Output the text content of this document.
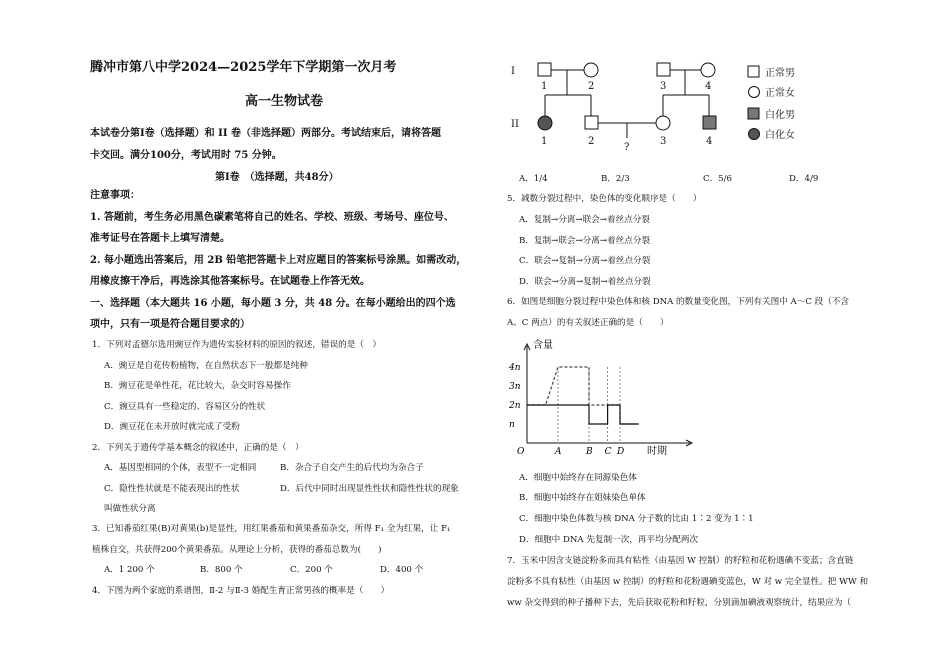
腾冲市第八中学2024—2025学年下学期第一次月考
高一生物试卷
本试卷分第Ⅰ卷（选择题）和 II 卷（非选择题）两部分。考试结束后，请将答题
卡交回。满分100分，考试用时 75 分钟。
第Ⅰ卷　（选择题，共48分）
注意事项：
1. 答题前，考生务必用黑色碳素笔将自己的姓名、学校、班级、考场号、座位号、
准考证号在答题卡上填写清楚。
2. 每小题选出答案后，用 2B 铅笔把答题卡上对应题目的答案标号涂黑。如需改动，
用橡皮擦干净后，再选涂其他答案标号。在试题卷上作答无效。
一、选择题（本大题共 16 小题，每小题 3 分，共 48 分。在每小题给出的四个选
项中，只有一项是符合题目要求的）
1．下列对孟德尔选用豌豆作为遗传实验材料的原因的叙述，错误的是（　）
A．豌豆是自花传粉植物，在自然状态下一般都是纯种
B．豌豆花是单性花，花比较大，杂交时容易操作
C．豌豆具有一些稳定的、容易区分的性状
D．豌豆花在未开放时就完成了受粉
2．下列关于遗传学基本概念的叙述中，正确的是（　）
A．基因型相同的个体，表型不一定相同	B．杂合子自交产生的后代均为杂合子
C．隐性性状就是不能表现出的性状	D．后代中同时出现显性性状和隐性性状的现象
叫做性状分离
3．已知番茄红果(B)对黄果(b)是显性，用红果番茄和黄果番茄杂交，所得 F₁ 全为红果，让 F₁
植株自交，共获得200个黄果番茄。从理论上分析，获得的番茄总数为(　　)
A．1 200 个	B．800 个	C．200 个	D．400 个
4．下图为两个家庭的系谱图，Ⅱ-2 与Ⅱ-3 婚配生育正常男孩的概率是（　　）
I
II
1	2	3	4
1	2
?
3	4
正常男
正常女
白化男
白化女
A．1/4	B．2/3	C．5/6	D．4/9
5．减数分裂过程中，染色体的变化顺序是（　　）
A．复制→分离→联会→着丝点分裂
B．复制→联会→分离→着丝点分裂
C．联会→复制→分离→着丝点分裂
D．联会→分离→复制→着丝点分裂
6．如图是细胞分裂过程中染色体和核 DNA 的数量变化图，下列有关图中 A～C 段（不含
A、C 两点）的有关叙述正确的是（　　）
含量
时期
n
2n
3n
4n
O	A	B C D
A．细胞中始终存在同源染色体
B．细胞中始终存在姐妹染色单体
C．细胞中染色体数与核 DNA 分子数的比由 1∶2 变为 1∶1
D．细胞中 DNA 先复制一次，再平均分配两次
7．玉米中因含支链淀粉多而具有粘性（由基因 W 控制）的籽粒和花粉遇碘不变蓝；含直链
淀粉多不具有粘性（由基因 w 控制）的籽粒和花粉遇碘变蓝色，W 对 w 完全显性。把 WW 和
ww 杂交得到的种子播种下去，先后获取花粉和籽粒，分别滴加碘液观察统计，结果应为（
